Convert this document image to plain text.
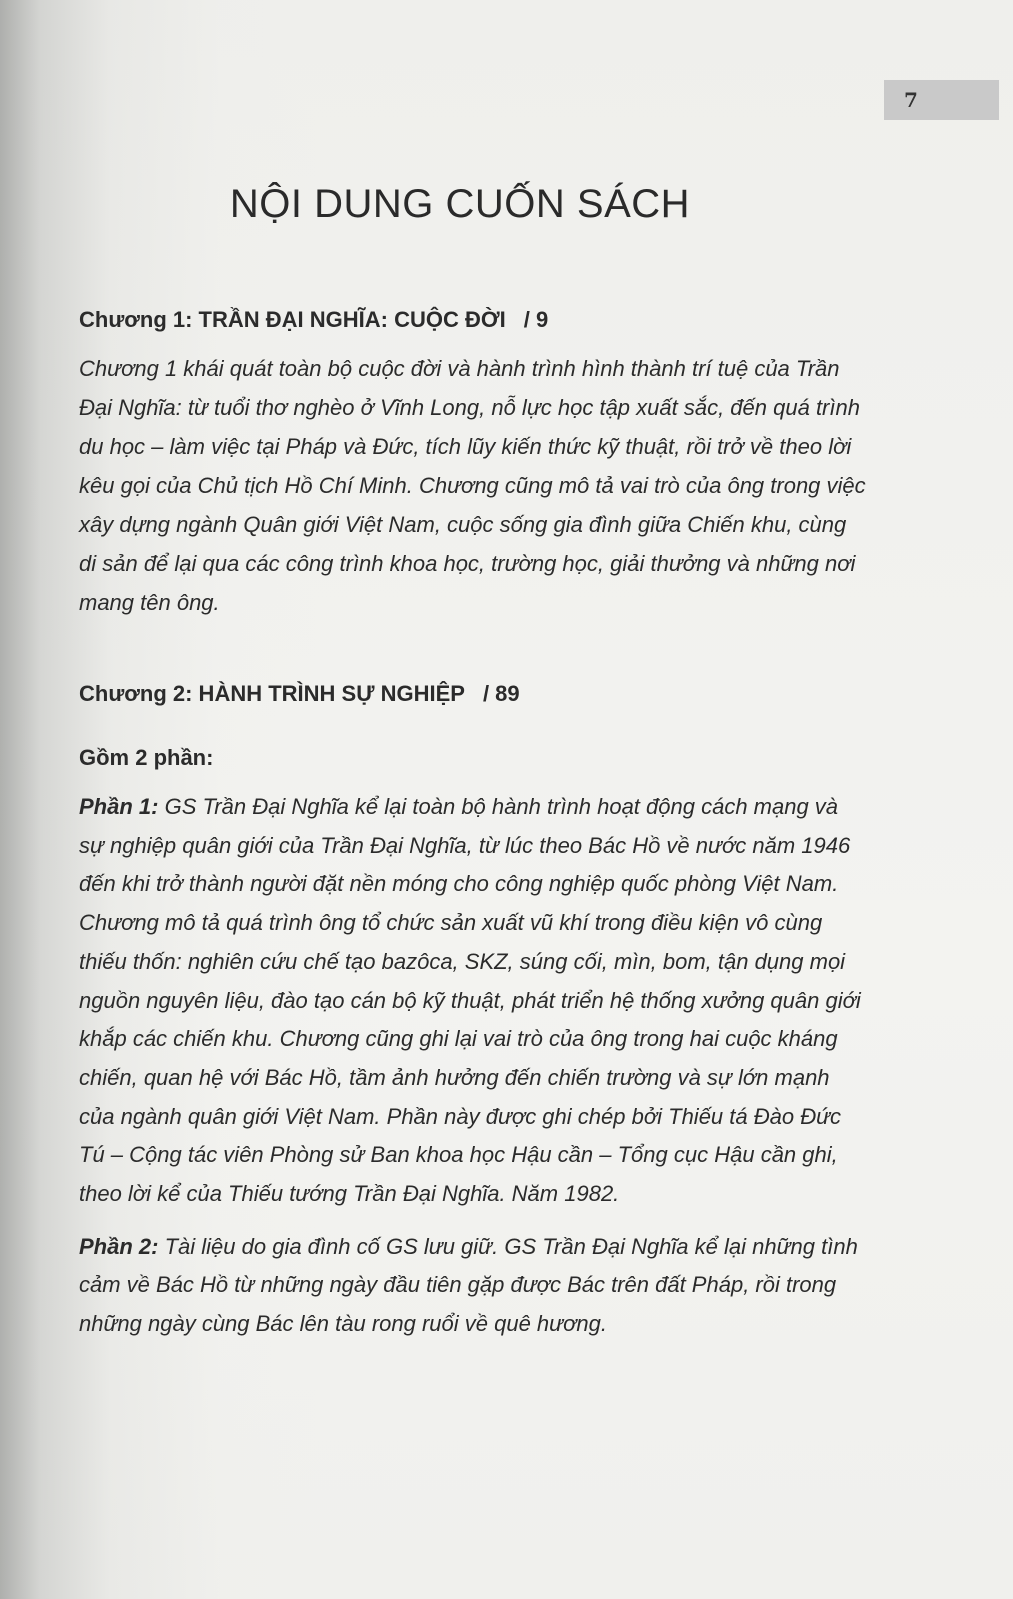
7
NỘI DUNG CUỐN SÁCH

Chương 1: TRẦN ĐẠI NGHĨA: CUỘC ĐỜI / 9

Chương 1 khái quát toàn bộ cuộc đời và hành trình hình thành trí tuệ của Trần Đại Nghĩa: từ tuổi thơ nghèo ở Vĩnh Long, nỗ lực học tập xuất sắc, đến quá trình du học – làm việc tại Pháp và Đức, tích lũy kiến thức kỹ thuật, rồi trở về theo lời kêu gọi của Chủ tịch Hồ Chí Minh. Chương cũng mô tả vai trò của ông trong việc xây dựng ngành Quân giới Việt Nam, cuộc sống gia đình giữa Chiến khu, cùng di sản để lại qua các công trình khoa học, trường học, giải thưởng và những nơi mang tên ông.

Chương 2: HÀNH TRÌNH SỰ NGHIỆP / 89

Gồm 2 phần:

Phần 1: GS Trần Đại Nghĩa kể lại toàn bộ hành trình hoạt động cách mạng và sự nghiệp quân giới của Trần Đại Nghĩa, từ lúc theo Bác Hồ về nước năm 1946 đến khi trở thành người đặt nền móng cho công nghiệp quốc phòng Việt Nam. Chương mô tả quá trình ông tổ chức sản xuất vũ khí trong điều kiện vô cùng thiếu thốn: nghiên cứu chế tạo bazôca, SKZ, súng cối, mìn, bom, tận dụng mọi nguồn nguyên liệu, đào tạo cán bộ kỹ thuật, phát triển hệ thống xưởng quân giới khắp các chiến khu. Chương cũng ghi lại vai trò của ông trong hai cuộc kháng chiến, quan hệ với Bác Hồ, tầm ảnh hưởng đến chiến trường và sự lớn mạnh của ngành quân giới Việt Nam. Phần này được ghi chép bởi Thiếu tá Đào Đức Tú – Cộng tác viên Phòng sử Ban khoa học Hậu cần – Tổng cục Hậu cần ghi, theo lời kể của Thiếu tướng Trần Đại Nghĩa. Năm 1982.

Phần 2: Tài liệu do gia đình cố GS lưu giữ. GS Trần Đại Nghĩa kể lại những tình cảm về Bác Hồ từ những ngày đầu tiên gặp được Bác trên đất Pháp, rồi trong những ngày cùng Bác lên tàu rong ruổi về quê hương.
